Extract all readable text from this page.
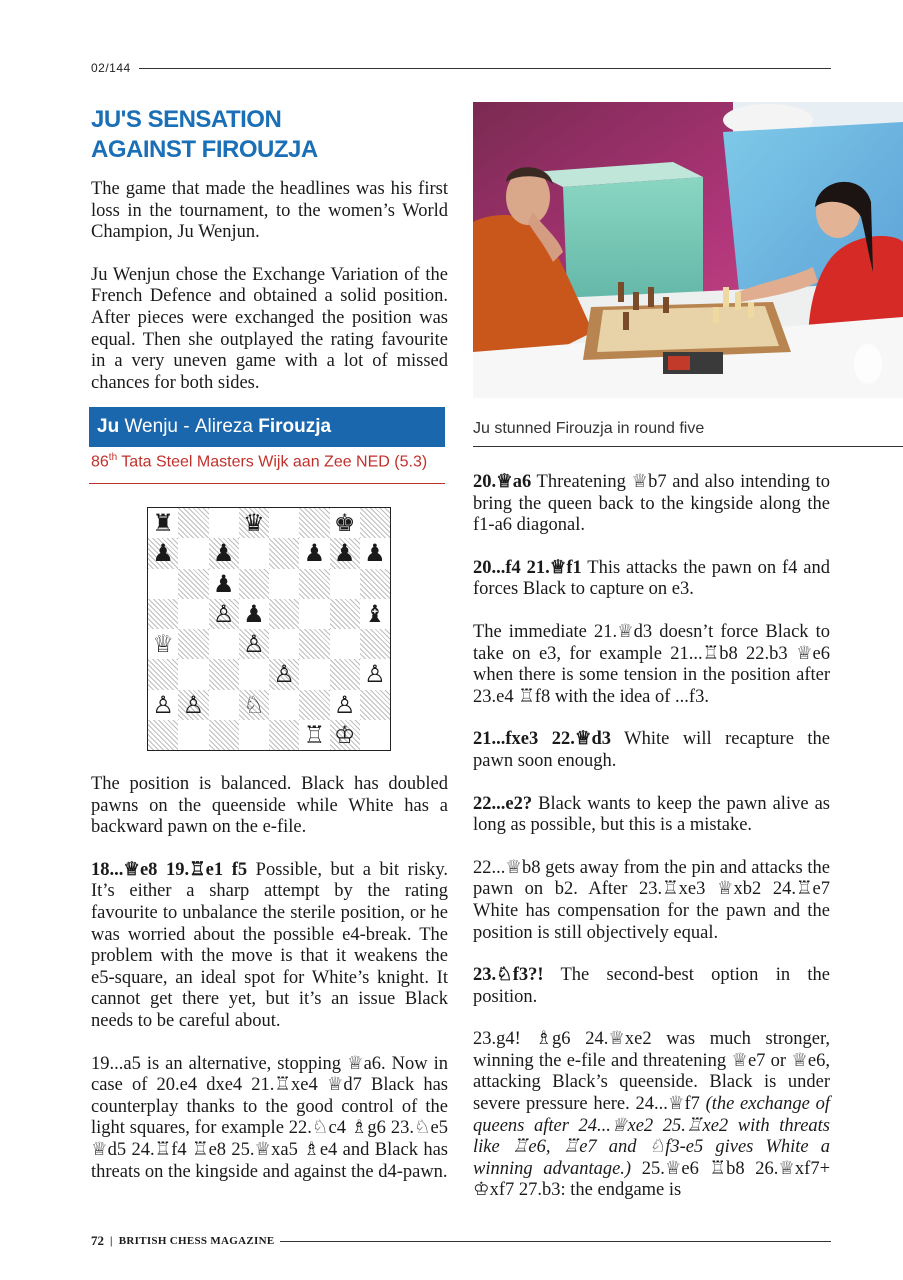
02/144
JU'S SENSATION
AGAINST FIROUZJA

The game that made the headlines was his first loss in the tournament, to the women’s World Champion, Ju Wenjun.

Ju Wenjun chose the Exchange Variation of the French Defence and obtained a solid position. After pieces were exchanged the position was equal. Then she outplayed the rating favourite in a very uneven game with a lot of missed chances for both sides.

Ju
Wenju
-
Alireza
Firouzja
86th Tata Steel Masters Wijk aan Zee NED (5.3)
♜	♛	♚
♟ ♟	♟ ♟ ♟
♟
♙ ♟	♝
♕	♙
♙	♙
♙ ♙ ♘	♙
♖ ♔
Ju stunned Firouzja in round five

20.♕a6 Threatening ♕b7 and also intending to bring the queen back to the kingside along the f1-a6 diagonal.

20...f4 21.♕f1 This attacks the pawn on f4 and forces Black to capture on e3.

The immediate 21.♕d3 doesn’t force Black to take on e3, for example 21...♖b8 22.b3 ♕e6 when there is some tension in the position after 23.e4 ♖f8 with the idea of ...f3.

21...fxe3 22.♕d3 White will recapture the pawn soon enough.

22...e2? Black wants to keep the pawn alive as long as possible, but this is a mistake.

22...♕b8 gets away from the pin and attacks the pawn on b2. After 23.♖xe3 ♕xb2 24.♖e7 White has compensation for the pawn and the position is still objectively equal.

23.♘f3?! The second-best option in the position.

23.g4! ♗g6 24.♕xe2 was much stronger, winning the e-file and threatening ♕e7 or ♕e6, attacking Black’s queenside. Black is under severe pressure here. 24...♕f7 (the exchange of queens after 24...♕xe2 25.♖xe2 with threats like ♖e6, ♖e7 and ♘f3-e5 gives White a winning advantage.) 25.♕e6 ♖b8 26.♕xf7+ ♔xf7 27.b3: the endgame is

The position is balanced. Black has doubled pawns on the queenside while White has a backward pawn on the e-file.

18...♕e8 19.♖e1 f5 Possible, but a bit risky. It’s either a sharp attempt by the rating favourite to unbalance the sterile position, or he was worried about the possible e4-break. The problem with the move is that it weakens the e5-square, an ideal spot for White’s knight. It cannot get there yet, but it’s an issue Black needs to be careful about.

19...a5 is an alternative, stopping ♕a6. Now in case of 20.e4 dxe4 21.♖xe4 ♕d7 Black has counterplay thanks to the good control of the light squares, for example 22.♘c4 ♗g6 23.♘e5 ♕d5 24.♖f4 ♖e8 25.♕xa5 ♗e4 and Black has threats on the kingside and against the d4-pawn.

72 | BRITISH CHESS MAGAZINE
